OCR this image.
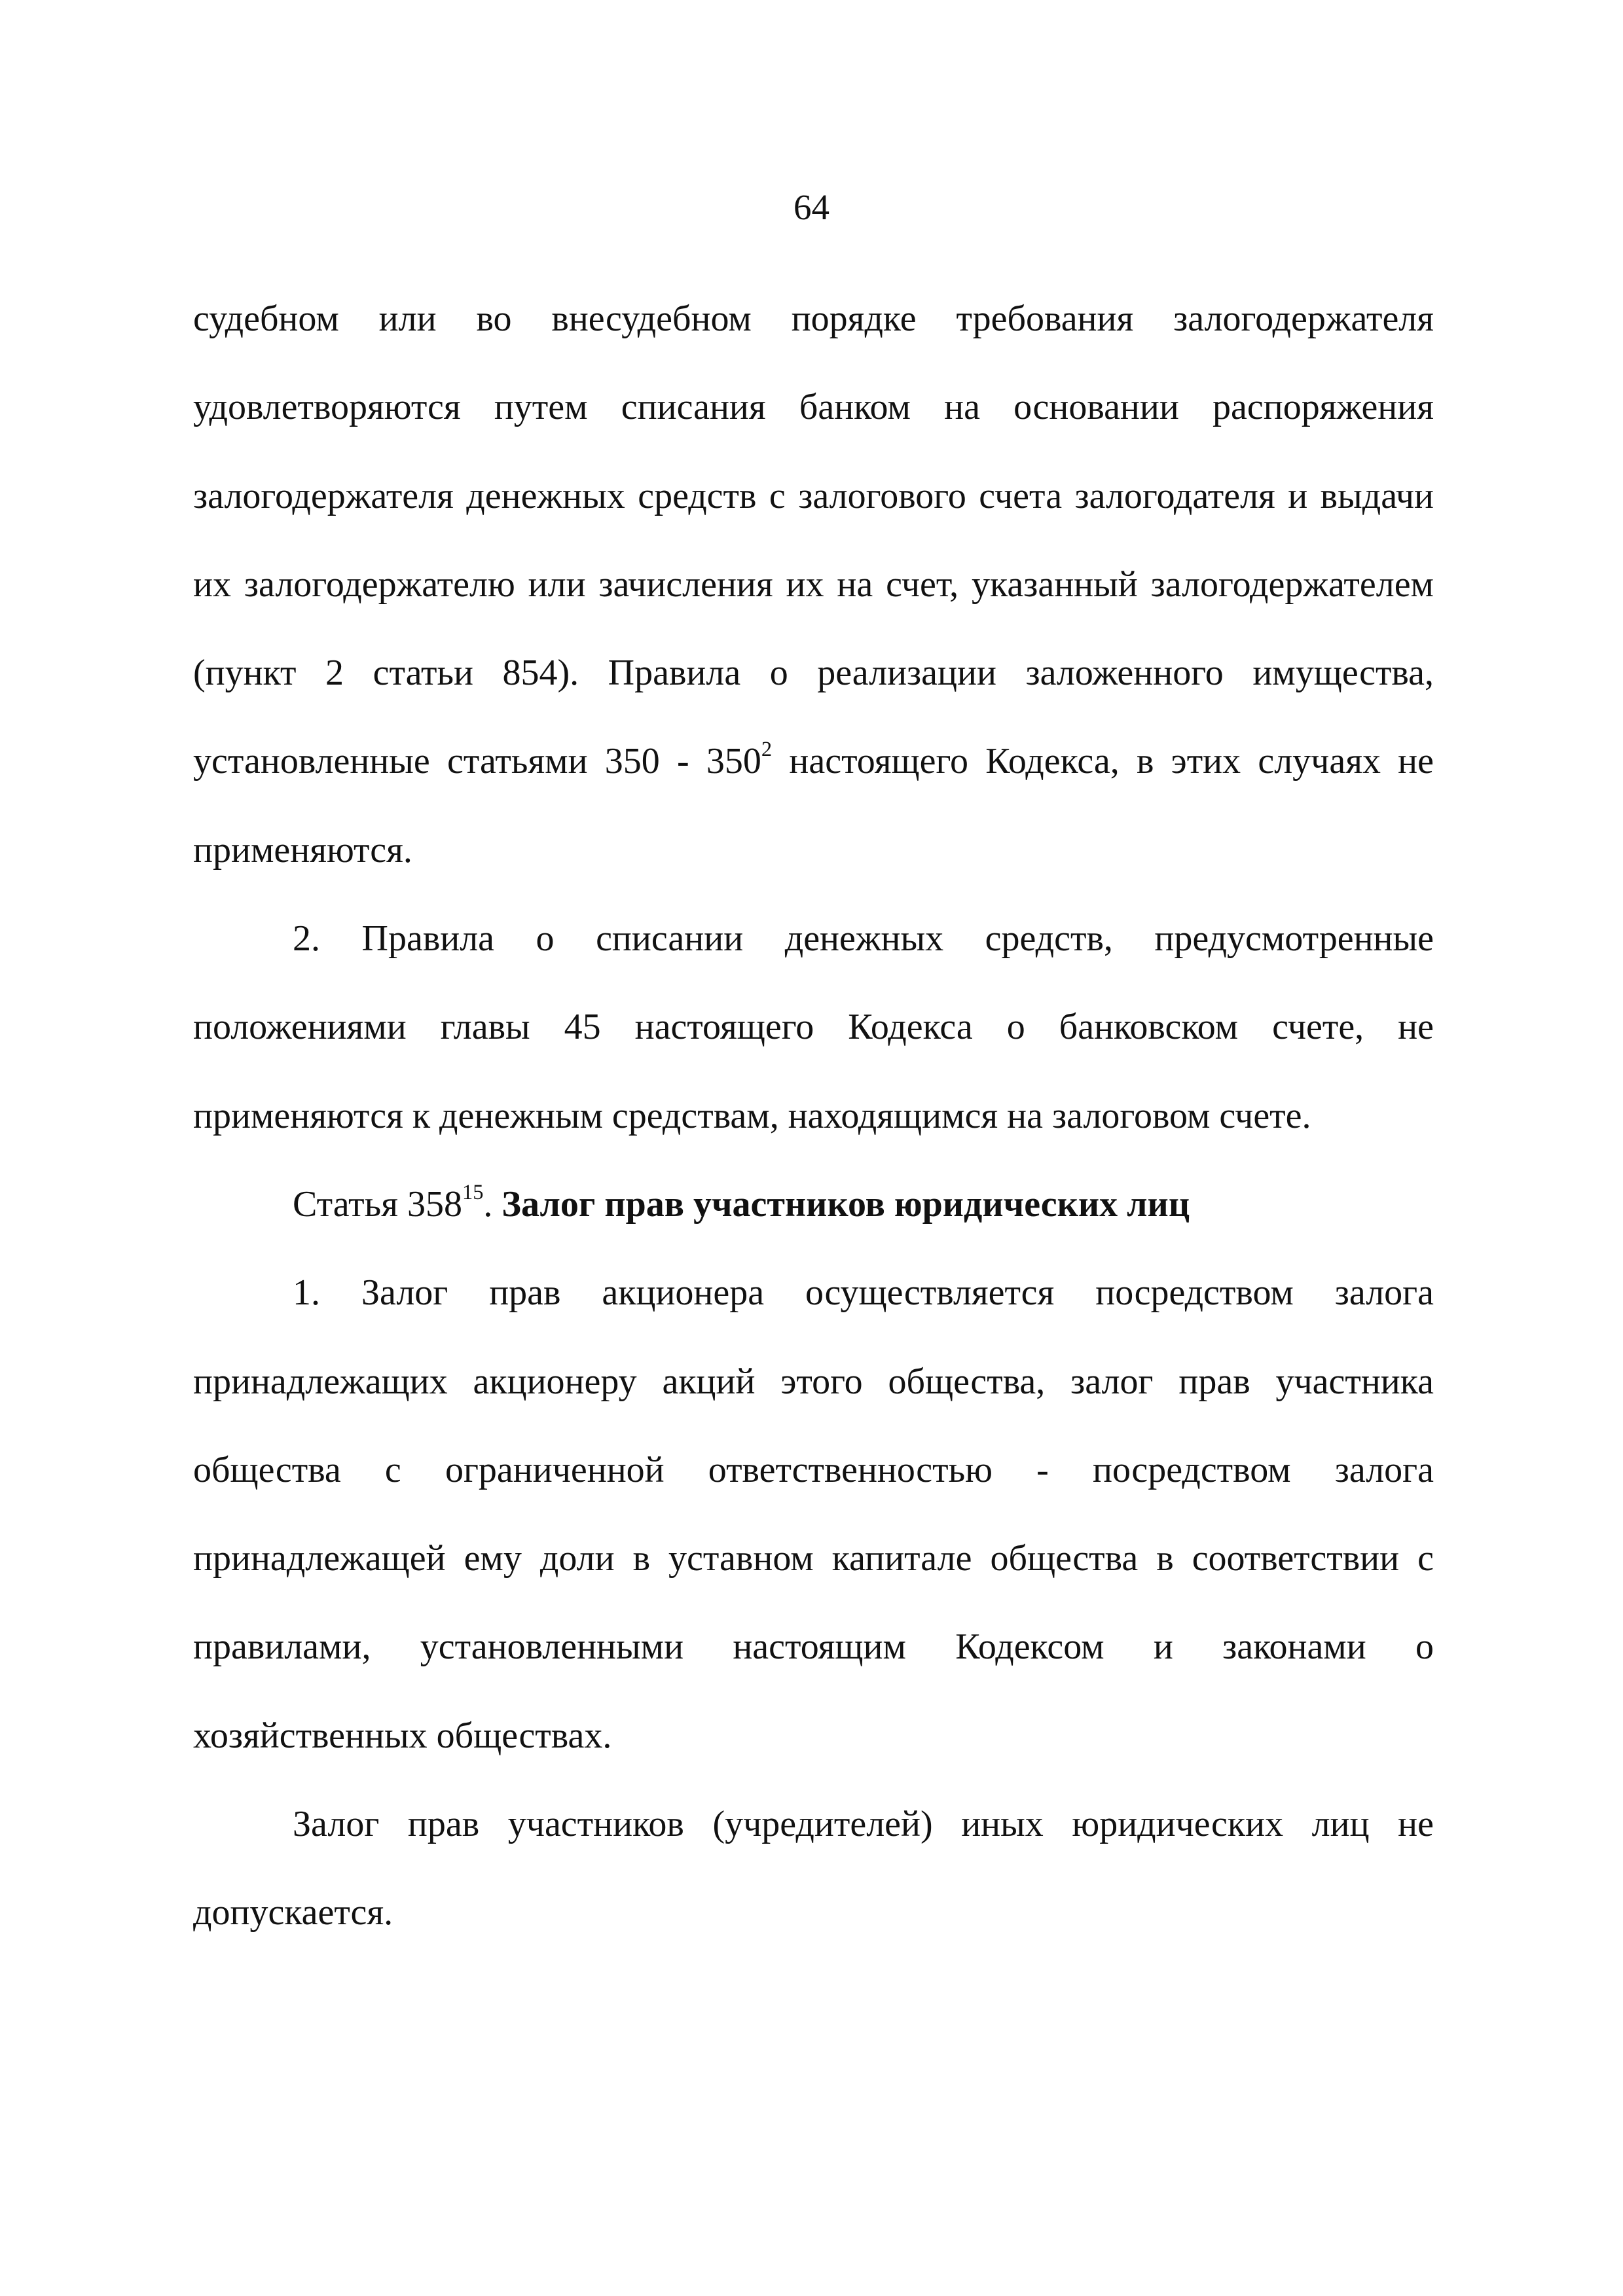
64

судебном или во внесудебном порядке требования залогодержателя удовлетворяются путем списания банком на основании распоряжения залогодержателя денежных средств с залогового счета залогодателя и выдачи их залогодержателю или зачисления их на счет, указанный залогодержателем (пункт 2 статьи 854). Правила о реализации заложенного имущества, установленные статьями $350 - 350^2$ настоящего Кодекса, в этих случаях не применяются.

2. Правила о списании денежных средств, предусмотренные положениями главы 45 настоящего Кодекса о банковском счете, не применяются к денежным средствам, находящимся на залоговом счете.

Статья $358^{15}$. Залог прав участников юридических лиц

1. Залог прав акционера осуществляется посредством залога принадлежащих акционеру акций этого общества, залог прав участника общества с ограниченной ответственностью - посредством залога принадлежащей ему доли в уставном капитале общества в соответствии с правилами, установленными настоящим Кодексом и законами о хозяйственных обществах.

Залог прав участников (учредителей) иных юридических лиц не допускается.
